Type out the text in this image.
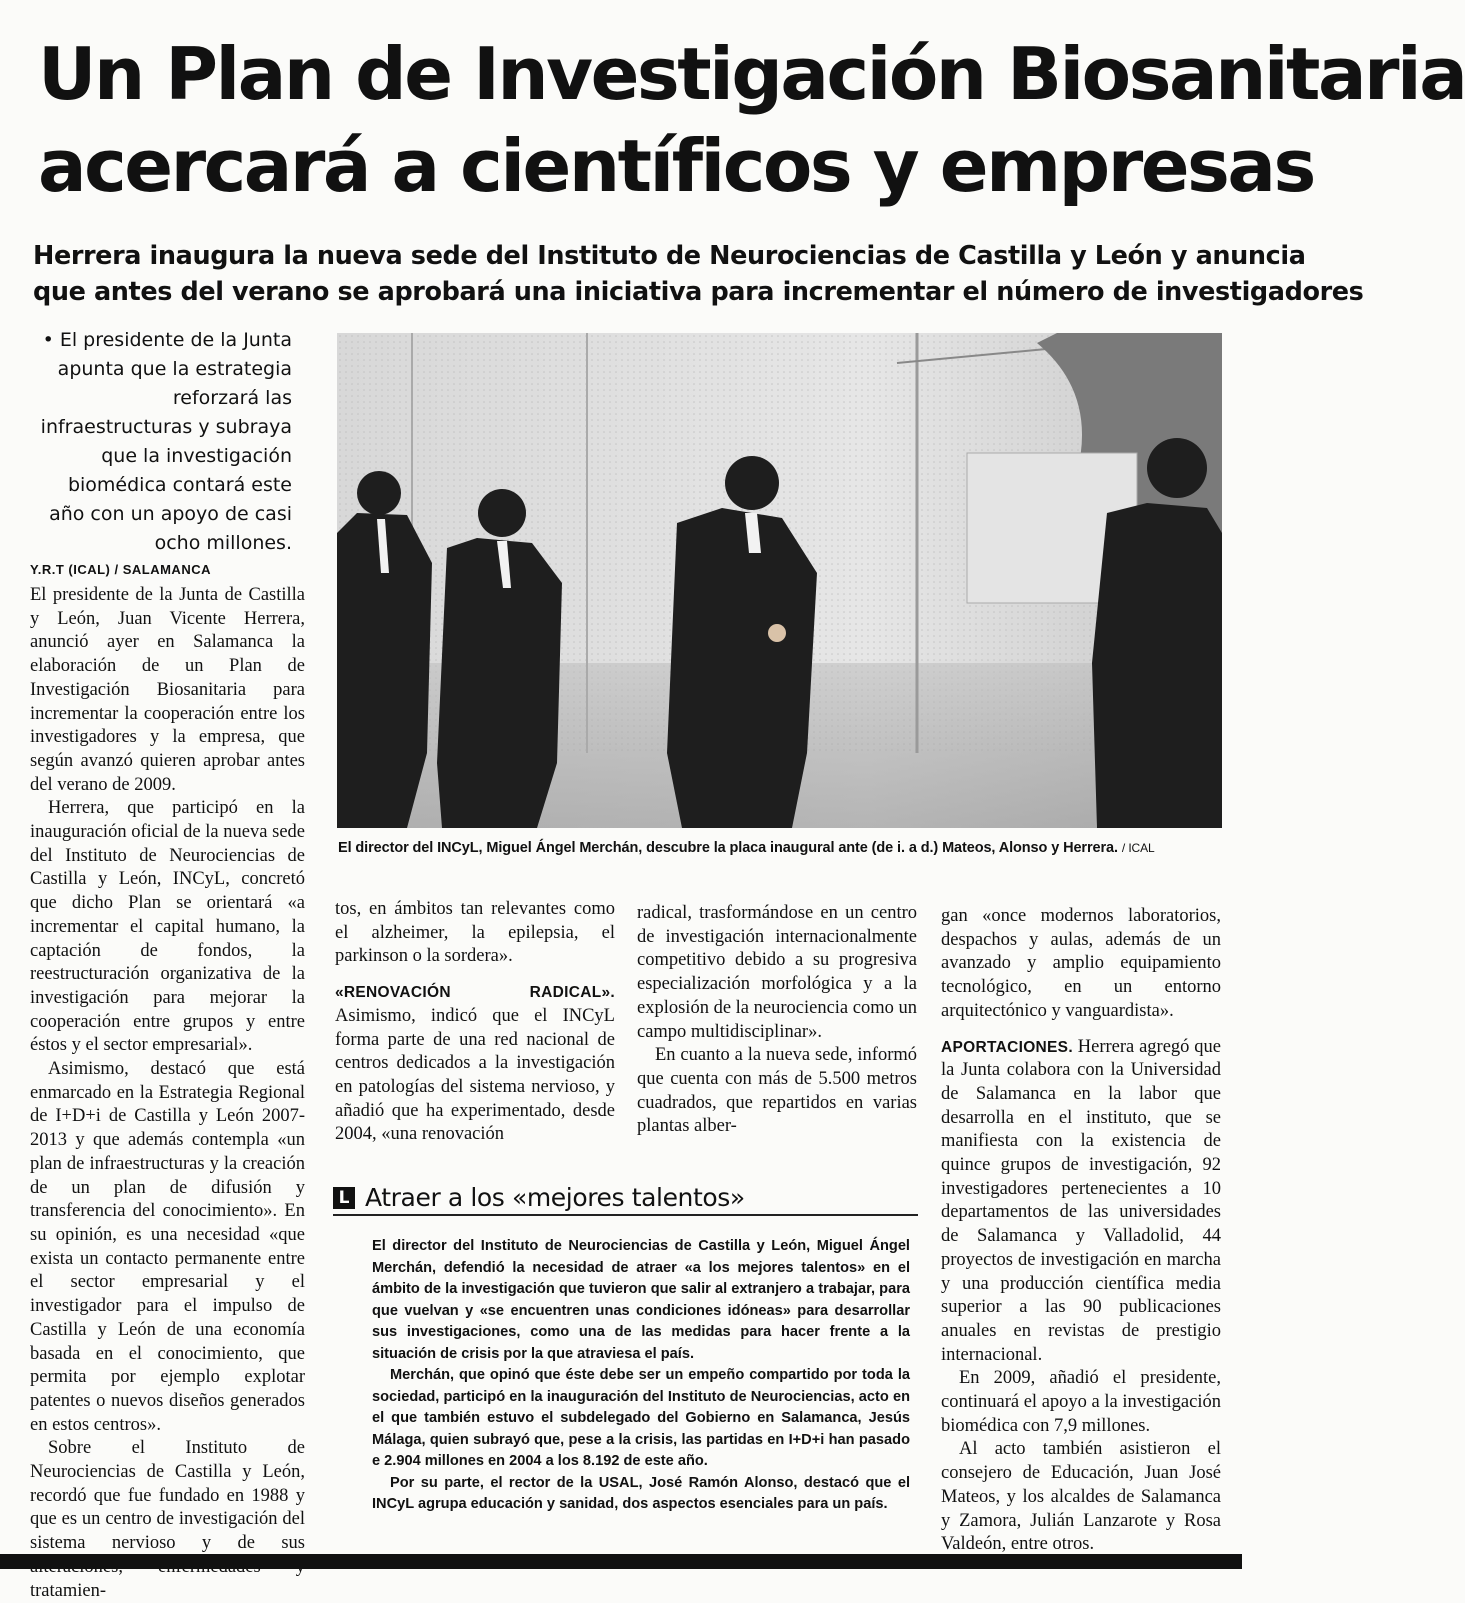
Un Plan de Investigación Biosanitaria
acercará a científicos y empresas
Herrera inaugura la nueva sede del Instituto de Neurociencias de Castilla y León y anuncia
que antes del verano se aprobará una iniciativa para incrementar el número de investigadores

• El presidente de la Junta apunta que la estrategia reforzará las infraestructuras y subraya que la investigación biomédica contará este año con un apoyo de casi ocho millones.

Y.R.T (ICAL) / SALAMANCA

El presidente de la Junta de Castilla y León, Juan Vicente Herrera, anunció ayer en Salamanca la elaboración de un Plan de Investigación Biosanitaria para incrementar la cooperación entre los investigadores y la empresa, que según avanzó quieren aprobar antes del verano de 2009.

Herrera, que participó en la inauguración oficial de la nueva sede del Instituto de Neurociencias de Castilla y León, INCyL, concretó que dicho Plan se orientará «a incrementar el capital humano, la captación de fondos, la reestructuración organizativa de la investigación para mejorar la cooperación entre grupos y entre éstos y el sector empresarial».

Asimismo, destacó que está enmarcado en la Estrategia Regional de I+D+i de Castilla y León 2007-2013 y que además contempla «un plan de infraestructuras y la creación de un plan de difusión y transferencia del conocimiento». En su opinión, es una necesidad «que exista un contacto permanente entre el sector empresarial y el investigador para el impulso de Castilla y León de una economía basada en el conocimiento, que permita por ejemplo explotar patentes o nuevos diseños generados en estos centros».

Sobre el Instituto de Neurociencias de Castilla y León, recordó que fue fundado en 1988 y que es un centro de investigación del sistema nervioso y de sus tratamien-

El director del INCyL, Miguel Ángel Merchán, descubre la placa inaugural ante (de i. a d.) Mateos, Alonso y Herrera. / ICAL

tos, en ámbitos tan relevantes como el alzheimer, la epilepsia, el parkinson o la sordera».

«RENOVACIÓN RADICAL». Asimismo, indicó que el INCyL forma parte de una red nacional de centros dedicados a la investigación en patologías del sistema nervioso, y añadió que ha experimentado, desde 2004, «una renovación

radical, trasformándose en un centro de investigación internacionalmente competitivo debido a su progresiva especialización morfológica y a la explosión de la neurociencia como un campo multidisciplinar».

En cuanto a la nueva sede, informó que cuenta con más de 5.500 metros cuadrados, que repartidos en varias plantas alber-

gan «once modernos laboratorios, despachos y aulas, además de un avanzado y amplio equipamiento tecnológico, en un entorno arquitectónico y vanguardista».

APORTACIONES. Herrera agregó que la Junta colabora con la Universidad de Salamanca en la labor que desarrolla en el instituto, que se manifiesta con la existencia de quince grupos de investigación, 92 investigadores pertenecientes a 10 departamentos de las universidades de Salamanca y Valladolid, 44 proyectos de investigación en marcha y una producción científica media superior a las 90 publicaciones anuales en revistas de prestigio internacional.

En 2009, añadió el presidente, continuará el apoyo a la investigación biomédica con 7,9 millones.

Al acto también asistieron el consejero de Educación, Juan José Mateos, y los alcaldes de Salamanca y Zamora, Julián Lanzarote y Rosa Valdeón, entre otros.

L Atraer a los «mejores talentos»

El director del Instituto de Neurociencias de Castilla y León, Miguel Ángel Merchán, defendió la necesidad de atraer «a los mejores talentos» en el ámbito de la investigación que tuvieron que salir al extranjero a trabajar, para que vuelvan y «se encuentren unas condiciones idóneas» para desarrollar sus investigaciones, como una de las medidas para hacer frente a la situación de crisis por la que atraviesa el país.

Merchán, que opinó que éste debe ser un empeño compartido por toda la sociedad, participó en la inauguración del Instituto de Neurociencias, acto en el que también estuvo el subdelegado del Gobierno en Salamanca, Jesús Málaga, quien subrayó que, pese a la crisis, las partidas en I+D+i han pasado e 2.904 millones en 2004 a los 8.192 de este año.

Por su parte, el rector de la USAL, José Ramón Alonso, destacó que el INCyL agrupa educación y sanidad, dos aspectos esenciales para un país.
